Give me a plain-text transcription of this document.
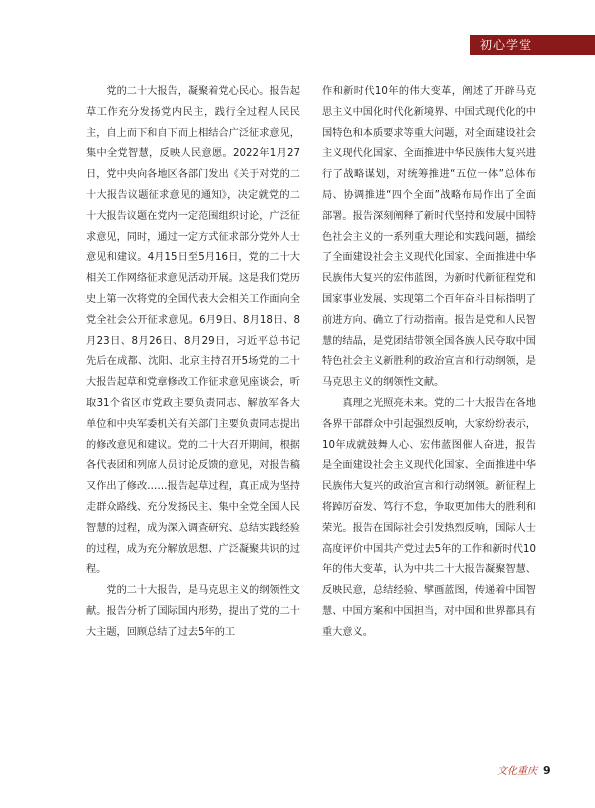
初心学堂

党的二十大报告，凝聚着党心民心。报告起草工作充分发扬党内民主，践行全过程人民民主，自上而下和自下而上相结合广泛征求意见，集中全党智慧，反映人民意愿。2022年1月27日，党中央向各地区各部门发出《关于对党的二十大报告议题征求意见的通知》，决定就党的二十大报告议题在党内一定范围组织讨论，广泛征求意见，同时，通过一定方式征求部分党外人士意见和建议。4月15日至5月16日，党的二十大相关工作网络征求意见活动开展。这是我们党历史上第一次将党的全国代表大会相关工作面向全党全社会公开征求意见。6月9日、8月18日、8月23日、8月26日、8月29日，习近平总书记先后在成都、沈阳、北京主持召开5场党的二十大报告起草和党章修改工作征求意见座谈会，听取31个省区市党政主要负责同志、解放军各大单位和中央军委机关有关部门主要负责同志提出的修改意见和建议。党的二十大召开期间，根据各代表团和列席人员讨论反馈的意见，对报告稿又作出了修改……报告起草过程，真正成为坚持走群众路线、充分发扬民主、集中全党全国人民智慧的过程，成为深入调查研究、总结实践经验的过程，成为充分解放思想、广泛凝聚共识的过程。

党的二十大报告，是马克思主义的纲领性文献。报告分析了国际国内形势，提出了党的二十大主题，回顾总结了过去5年的工

作和新时代10年的伟大变革，阐述了开辟马克思主义中国化时代化新境界、中国式现代化的中国特色和本质要求等重大问题，对全面建设社会主义现代化国家、全面推进中华民族伟大复兴进行了战略谋划，对统筹推进“五位一体”总体布局、协调推进“四个全面”战略布局作出了全面部署。报告深刻阐释了新时代坚持和发展中国特色社会主义的一系列重大理论和实践问题，描绘了全面建设社会主义现代化国家、全面推进中华民族伟大复兴的宏伟蓝图，为新时代新征程党和国家事业发展、实现第二个百年奋斗目标指明了前进方向、确立了行动指南。报告是党和人民智慧的结晶，是党团结带领全国各族人民夺取中国特色社会主义新胜利的政治宣言和行动纲领，是马克思主义的纲领性文献。

真理之光照亮未来。党的二十大报告在各地各界干部群众中引起强烈反响，大家纷纷表示，10年成就鼓舞人心、宏伟蓝图催人奋进，报告是全面建设社会主义现代化国家、全面推进中华民族伟大复兴的政治宣言和行动纲领。新征程上将踔厉奋发、笃行不怠，争取更加伟大的胜利和荣光。报告在国际社会引发热烈反响，国际人士高度评价中国共产党过去5年的工作和新时代10年的伟大变革，认为中共二十大报告凝聚智慧、反映民意，总结经验、擘画蓝图，传递着中国智慧、中国方案和中国担当，对中国和世界都具有重大意义。

文化重庆 9
